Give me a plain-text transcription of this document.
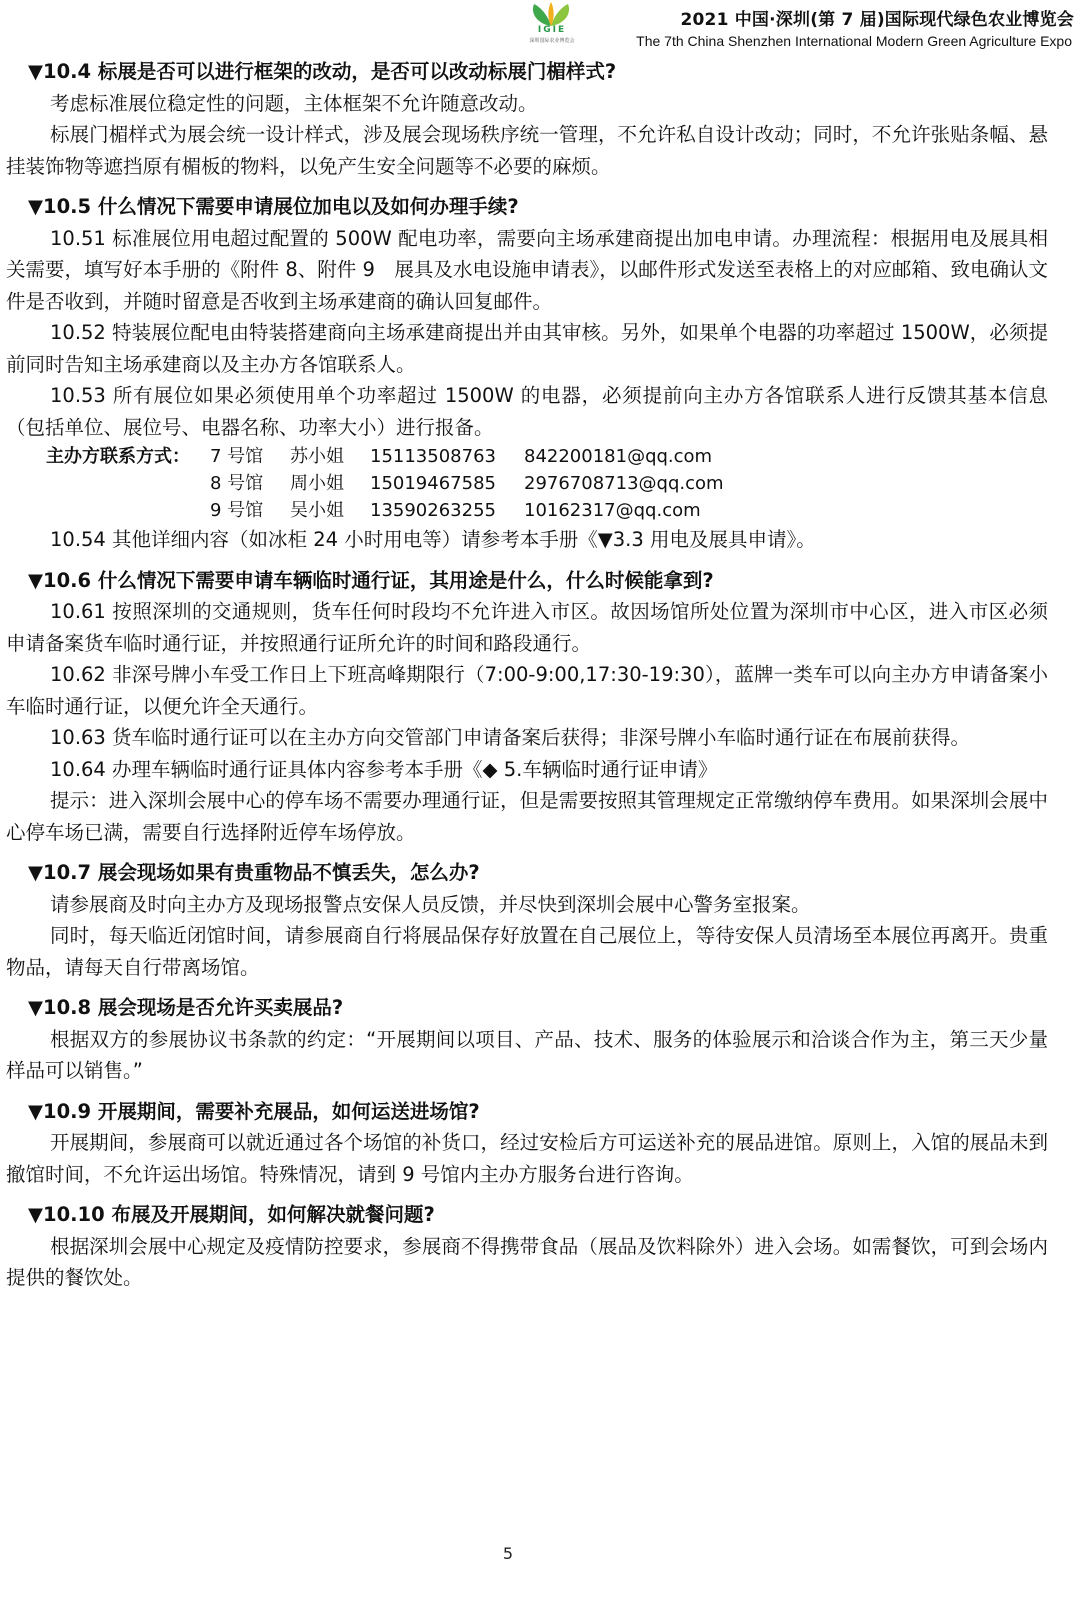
IGIE
深圳国际农业博览会
2021 中国·深圳(第 7 届)国际现代绿色农业博览会
The 7th China Shenzhen International Modern Green Agriculture Expo
▼10.4 标展是否可以进行框架的改动，是否可以改动标展门楣样式?
考虑标准展位稳定性的问题，主体框架不允许随意改动。
标展门楣样式为展会统一设计样式，涉及展会现场秩序统一管理，不允许私自设计改动；同时，不允许张贴条幅、悬挂装饰物等遮挡原有楣板的物料，以免产生安全问题等不必要的麻烦。
▼10.5 什么情况下需要申请展位加电以及如何办理手续?
10.51 标准展位用电超过配置的 500W 配电功率，需要向主场承建商提出加电申请。办理流程：根据用电及展具相关需要，填写好本手册的《附件 8、附件 9　展具及水电设施申请表》，以邮件形式发送至表格上的对应邮箱、致电确认文件是否收到，并随时留意是否收到主场承建商的确认回复邮件。
10.52 特装展位配电由特装搭建商向主场承建商提出并由其审核。另外，如果单个电器的功率超过 1500W，必须提前同时告知主场承建商以及主办方各馆联系人。
10.53 所有展位如果必须使用单个功率超过 1500W 的电器，必须提前向主办方各馆联系人进行反馈其基本信息（包括单位、展位号、电器名称、功率大小）进行报备。
主办方联系方式： 7 号馆 苏小姐 15113508763 842200181@qq.com
8 号馆 周小姐 15019467585 2976708713@qq.com
9 号馆 吴小姐 13590263255 10162317@qq.com
10.54 其他详细内容（如冰柜 24 小时用电等）请参考本手册《▼3.3 用电及展具申请》。
▼10.6 什么情况下需要申请车辆临时通行证，其用途是什么，什么时候能拿到?
10.61 按照深圳的交通规则，货车任何时段均不允许进入市区。故因场馆所处位置为深圳市中心区，进入市区必须申请备案货车临时通行证，并按照通行证所允许的时间和路段通行。
10.62 非深号牌小车受工作日上下班高峰期限行（7:00-9:00,17:30-19:30），蓝牌一类车可以向主办方申请备案小车临时通行证，以便允许全天通行。
10.63 货车临时通行证可以在主办方向交管部门申请备案后获得；非深号牌小车临时通行证在布展前获得。
10.64 办理车辆临时通行证具体内容参考本手册《◆ 5.车辆临时通行证申请》
提示：进入深圳会展中心的停车场不需要办理通行证，但是需要按照其管理规定正常缴纳停车费用。如果深圳会展中心停车场已满，需要自行选择附近停车场停放。
▼10.7 展会现场如果有贵重物品不慎丢失，怎么办?
请参展商及时向主办方及现场报警点安保人员反馈，并尽快到深圳会展中心警务室报案。
同时，每天临近闭馆时间，请参展商自行将展品保存好放置在自己展位上，等待安保人员清场至本展位再离开。贵重物品，请每天自行带离场馆。
▼10.8 展会现场是否允许买卖展品?
根据双方的参展协议书条款的约定：“开展期间以项目、产品、技术、服务的体验展示和洽谈合作为主，第三天少量样品可以销售。”
▼10.9 开展期间，需要补充展品，如何运送进场馆?
开展期间，参展商可以就近通过各个场馆的补货口，经过安检后方可运送补充的展品进馆。原则上，入馆的展品未到撤馆时间，不允许运出场馆。特殊情况，请到 9 号馆内主办方服务台进行咨询。
▼10.10 布展及开展期间，如何解决就餐问题?
根据深圳会展中心规定及疫情防控要求，参展商不得携带食品（展品及饮料除外）进入会场。如需餐饮，可到会场内提供的餐饮处。
5
